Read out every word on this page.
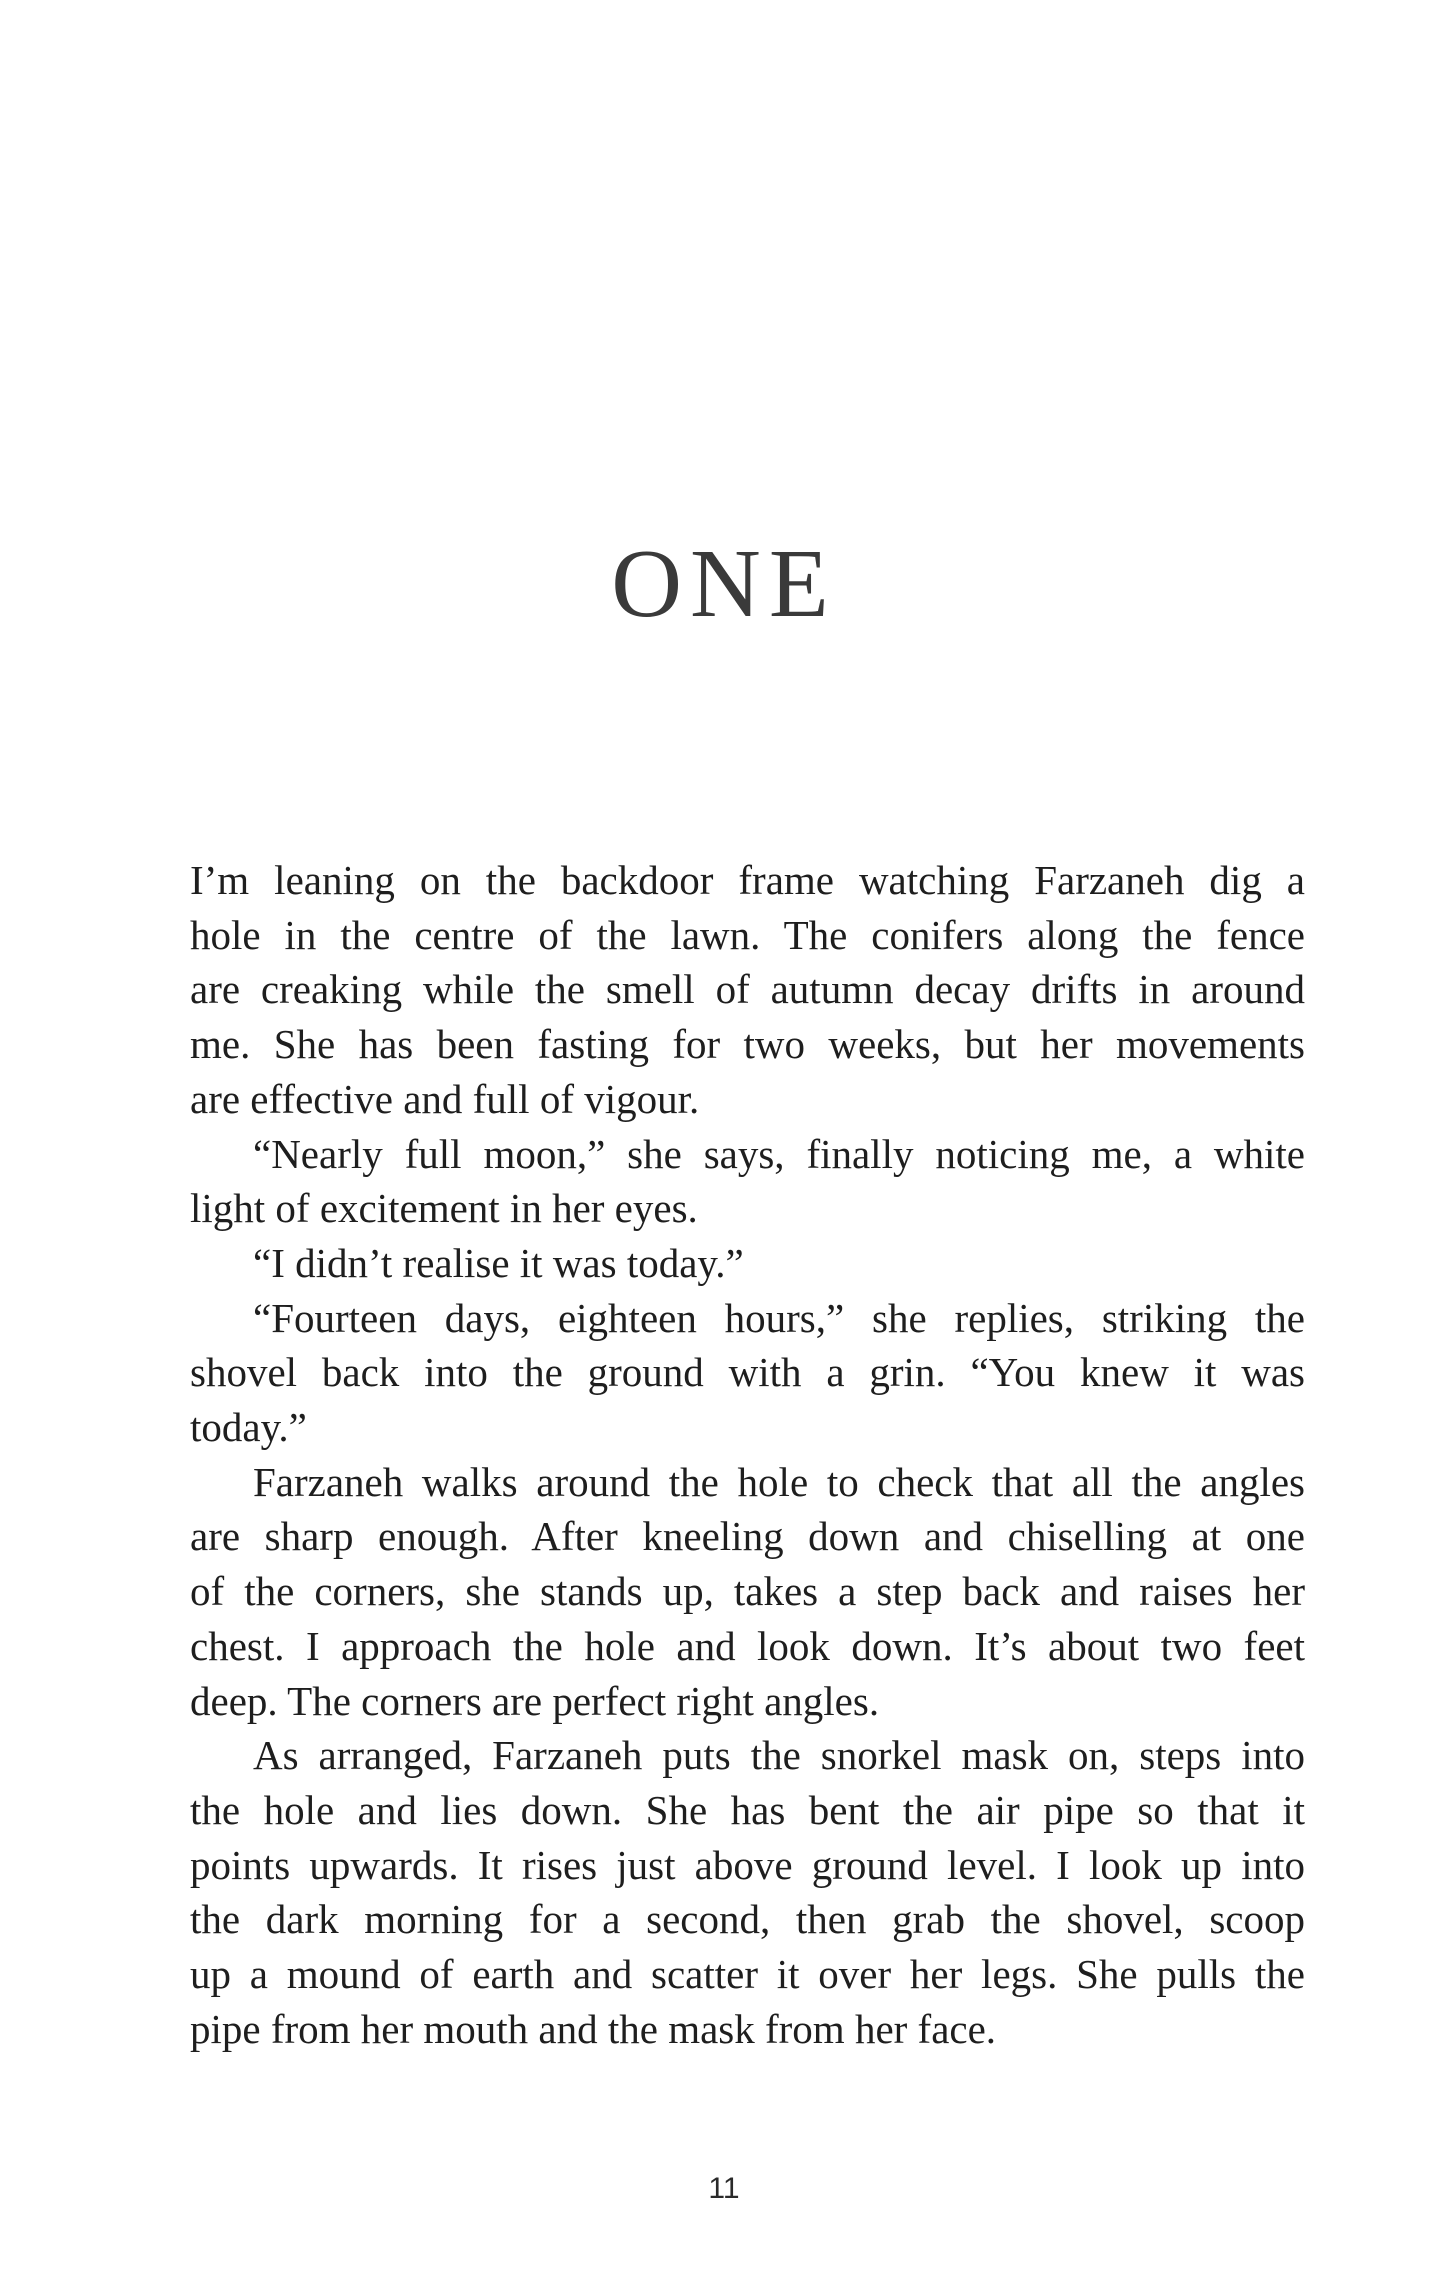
ONE

I’m leaning on the backdoor frame watching Farzaneh dig a

hole in the centre of the lawn. The conifers along the fence

are creaking while the smell of autumn decay drifts in around

me. She has been fasting for two weeks, but her movements

are effective and full of vigour.

“Nearly full moon,” she says, finally noticing me, a white

light of excitement in her eyes.

“I didn’t realise it was today.”

“Fourteen days, eighteen hours,” she replies, striking the

shovel back into the ground with a grin. “You knew it was

today.”

Farzaneh walks around the hole to check that all the angles

are sharp enough. After kneeling down and chiselling at one

of the corners, she stands up, takes a step back and raises her

chest. I approach the hole and look down. It’s about two feet

deep. The corners are perfect right angles.

As arranged, Farzaneh puts the snorkel mask on, steps into

the hole and lies down. She has bent the air pipe so that it

points upwards. It rises just above ground level. I look up into

the dark morning for a second, then grab the shovel, scoop

up a mound of earth and scatter it over her legs. She pulls the

pipe from her mouth and the mask from her face.

11
